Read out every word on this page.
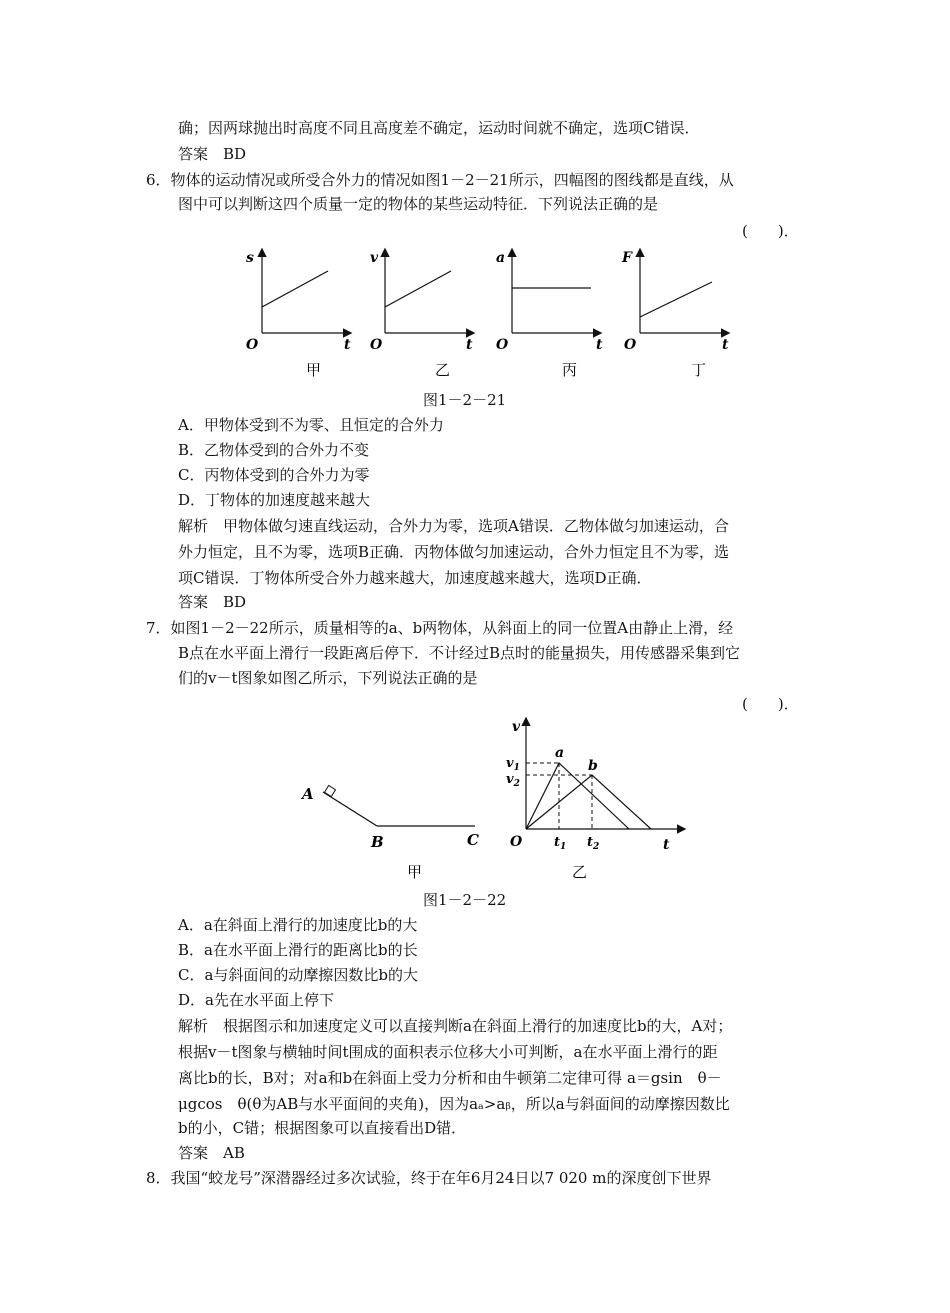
确；因两球抛出时高度不同且高度差不确定，运动时间就不确定，选项C错误．
答案　BD
6．物体的运动情况或所受合外力的情况如图1－2－21所示，四幅图的图线都是直线，从
图中可以判断这四个质量一定的物体的某些运动特征．下列说法正确的是
(　　)．
s
t
O
甲
v
t
O
乙
a
t
O
丙
F
t
O
丁
图1－2－21
A．甲物体受到不为零、且恒定的合外力
B．乙物体受到的合外力不变
C．丙物体受到的合外力为零
D．丁物体的加速度越来越大
解析　甲物体做匀速直线运动，合外力为零，选项A错误．乙物体做匀加速运动，合
外力恒定，且不为零，选项B正确．丙物体做匀加速运动，合外力恒定且不为零，选
项C错误．丁物体所受合外力越来越大，加速度越来越大，选项D正确．
答案　BD
7．如图1－2－22所示，质量相等的a、b两物体，从斜面上的同一位置A由静止上滑，经
B点在水平面上滑行一段距离后停下．不计经过B点时的能量损失，用传感器采集到它
们的v－t图象如图乙所示，下列说法正确的是
(　　)．
A
B	C
甲
v
$v_1$
$v_2$
a
b
O $t_1$ $t_2$	t
乙
图1－2－22
A．a在斜面上滑行的加速度比b的大
B．a在水平面上滑行的距离比b的长
C．a与斜面间的动摩擦因数比b的大
D．a先在水平面上停下
解析　根据图示和加速度定义可以直接判断a在斜面上滑行的加速度比b的大，A对；
根据v－t图象与横轴时间t围成的面积表示位移大小可判断，a在水平面上滑行的距
离比b的长，B对；对a和b在斜面上受力分析和由牛顿第二定律可得 a＝gsin　θ－
μgcos　θ(θ为AB与水平面间的夹角)，因为aₐ>aᵦ，所以a与斜面间的动摩擦因数比
b的小，C错；根据图象可以直接看出D错．
答案　AB
8．我国“蛟龙号”深潜器经过多次试验，终于在年6月24日以7 020 m的深度创下世界
